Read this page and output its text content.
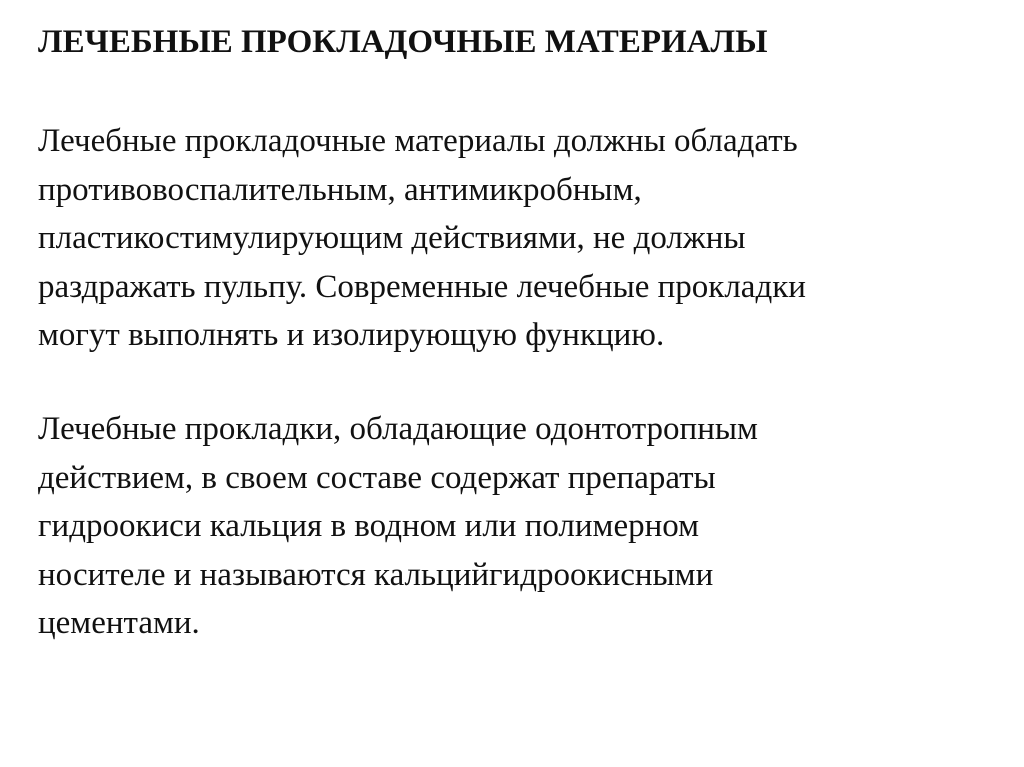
ЛЕЧЕБНЫЕ ПРОКЛАДОЧНЫЕ МАТЕРИАЛЫ

Лечебные прокладочные материалы должны обладать
противовоспалительным, антимикробным,
пластикостимулирующим действиями, не должны
раздражать пульпу. Современные лечебные прокладки
могут выполнять и изолирующую функцию.

Лечебные прокладки, обладающие одонтотропным
действием, в своем составе содержат препараты
гидроокиси кальция в водном или полимерном
носителе и называются кальцийгидроокисными
цементами.
